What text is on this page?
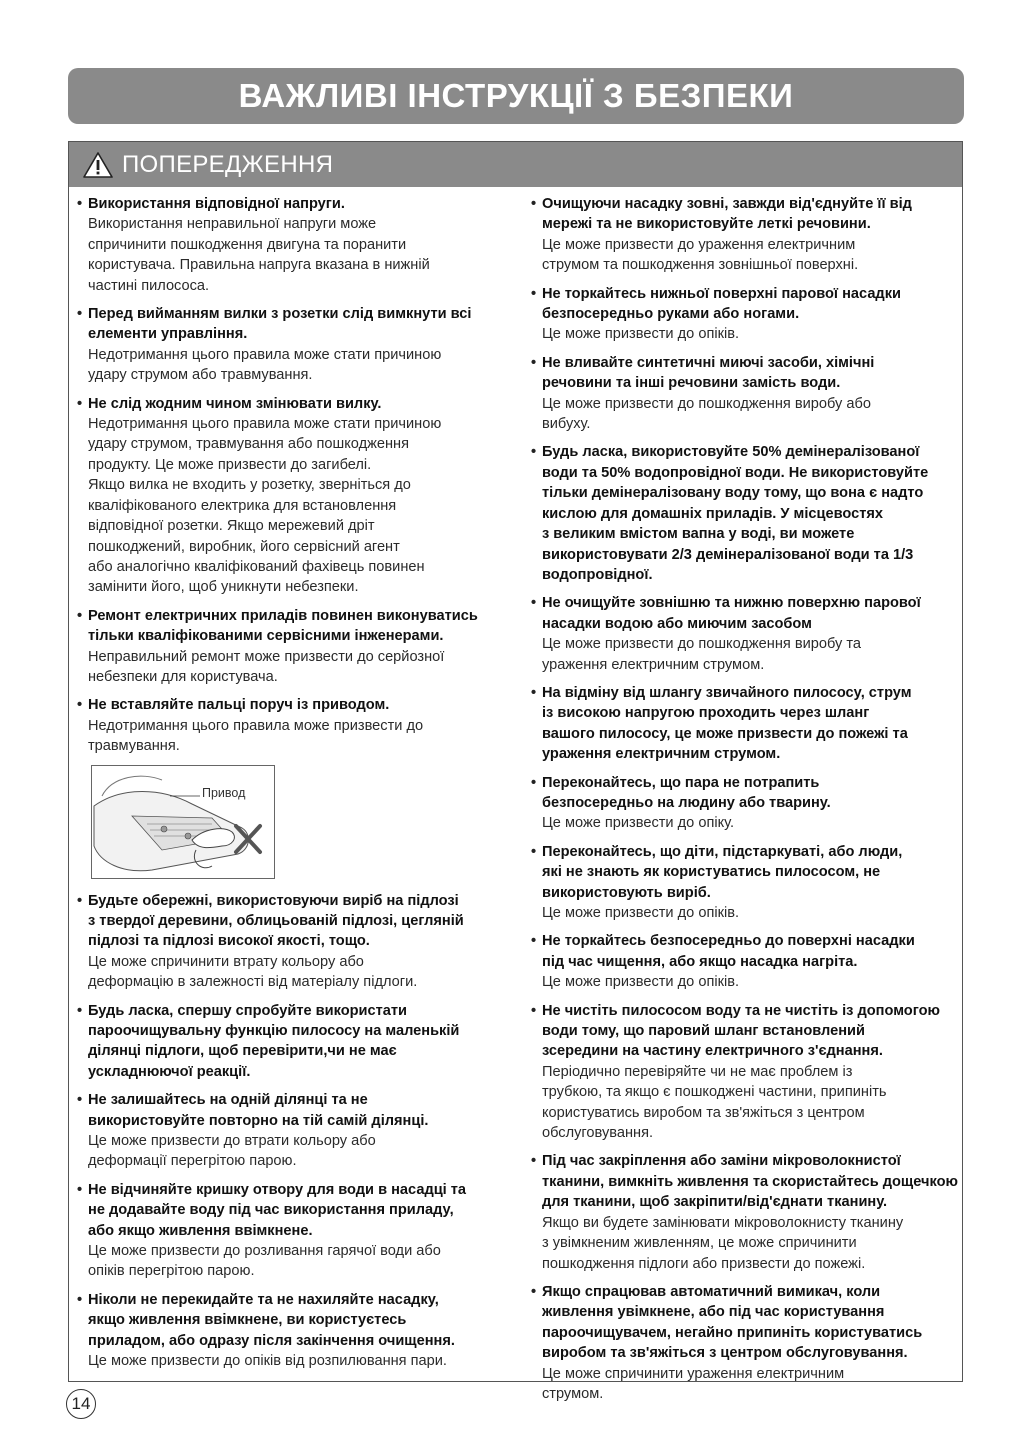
ВАЖЛИВІ ІНСТРУКЦІЇ З БЕЗПЕКИ
ПОПЕРЕДЖЕННЯ
• Використання відповідної напруги.
Використання неправильної напруги може
спричинити пошкодження двигуна та поранити
користувача. Правильна напруга вказана в нижній
частині пилососа.
• Перед вийманням вилки з розетки слід вимкнути всі
елементи управління.
Недотримання цього правила може стати причиною
удару струмом або травмування.
• Не слід жодним чином змінювати вилку.
Недотримання цього правила може стати причиною
удару струмом, травмування або пошкодження
продукту. Це може призвести до загибелі.
Якщо вилка не входить у розетку, зверніться до
кваліфікованого електрика для встановлення
відповідної розетки. Якщо мережевий дріт
пошкоджений, виробник, його сервісний агент
або аналогічно кваліфікований фахівець повинен
замінити його, щоб уникнути небезпеки.
• Ремонт електричних приладів повинен виконуватись
тільки кваліфікованими сервісними інженерами.
Неправильний ремонт може призвести до серйозної
небезпеки для користувача.
• Не вставляйте пальці поруч із приводом.
Недотримання цього правила може призвести до
травмування.
Привод
• Будьте обережні, використовуючи виріб на підлозі
з твердої деревини, облицьованій підлозі, цегляній
підлозі та підлозі високої якості, тощо.
Це може спричинити втрату кольору або
деформацію в залежності від матеріалу підлоги.
• Будь ласка, спершу спробуйте використати
пароочищувальну функцію пилососу на маленькій
ділянці підлоги, щоб перевірити,чи не має
ускладнюючої реакції.
• Не залишайтесь на одній ділянці та не
використовуйте повторно на тій самій ділянці.
Це може призвести до втрати кольору або
деформації перегрітою парою.
• Не відчиняйте кришку отвору для води в насадці та
не додавайте воду під час використання приладу,
або якщо живлення ввімкнене.
Це може призвести до розливання гарячої води або
опіків перегрітою парою.
• Ніколи не перекидайте та не нахиляйте насадку,
якщо живлення ввімкнене, ви користуєтесь
приладом, або одразу після закінчення очищення.
Це може призвести до опіків від розпилювання пари.
• Очищуючи насадку зовні, завжди від'єднуйте її від
мережі та не використовуйте леткі речовини.
Це може призвести до ураження електричним
струмом та пошкодження зовнішньої поверхні.
• Не торкайтесь нижньої поверхні парової насадки
безпосередньо руками або ногами.
Це може призвести до опіків.
• Не вливайте синтетичні миючі засоби, хімічні
речовини та інші речовини замість води.
Це може призвести до пошкодження виробу або
вибуху.
• Будь ласка, використовуйте 50% демінералізованої
води та 50% водопровідної води. Не використовуйте
тільки демінералізовану воду тому, що вона є надто
кислою для домашніх приладів. У місцевостях
з великим вмістом вапна у воді, ви можете
використовувати 2/3 демінералізованої води та 1/3
водопровідної.
• Не очищуйте зовнішню та нижню поверхню парової
насадки водою або миючим засобом
Це може призвести до пошкодження виробу та
ураження електричним струмом.
• На відміну від шлангу звичайного пилососу, струм
із високою напругою проходить через шланг
вашого пилососу, це може призвести до пожежі та
ураження електричним струмом.
• Переконайтесь, що пара не потрапить
безпосередньо на людину або тварину.
Це може призвести до опіку.
• Переконайтесь, що діти, підстаркуваті, або люди,
які не знають як користуватись пилососом, не
використовують виріб.
Це може призвести до опіків.
• Не торкайтесь безпосередньо до поверхні насадки
під час чищення, або якщо насадка нагріта.
Це може призвести до опіків.
• Не чистіть пилососом воду та не чистіть із допомогою
води тому, що паровий шланг встановлений
зсередини на частину електричного з'єднання.
Періодично перевіряйте чи не має проблем із
трубкою, та якщо є пошкоджені частини, припиніть
користуватись виробом та зв'яжіться з центром
обслуговування.
• Під час закріплення або заміни мікроволокнистої
тканини, вимкніть живлення та скористайтесь дощечкою
для тканини, щоб закріпити/від'єднати тканину.
Якщо ви будете замінювати мікроволокнисту тканину
з увімкненим живленням, це може спричинити
пошкодження підлоги або призвести до пожежі.
• Якщо спрацював автоматичний вимикач, коли
живлення увімкнене, або під час користування
пароочищувачем, негайно припиніть користуватись
виробом та зв'яжіться з центром обслуговування.
Це може спричинити ураження електричним
струмом.
14
